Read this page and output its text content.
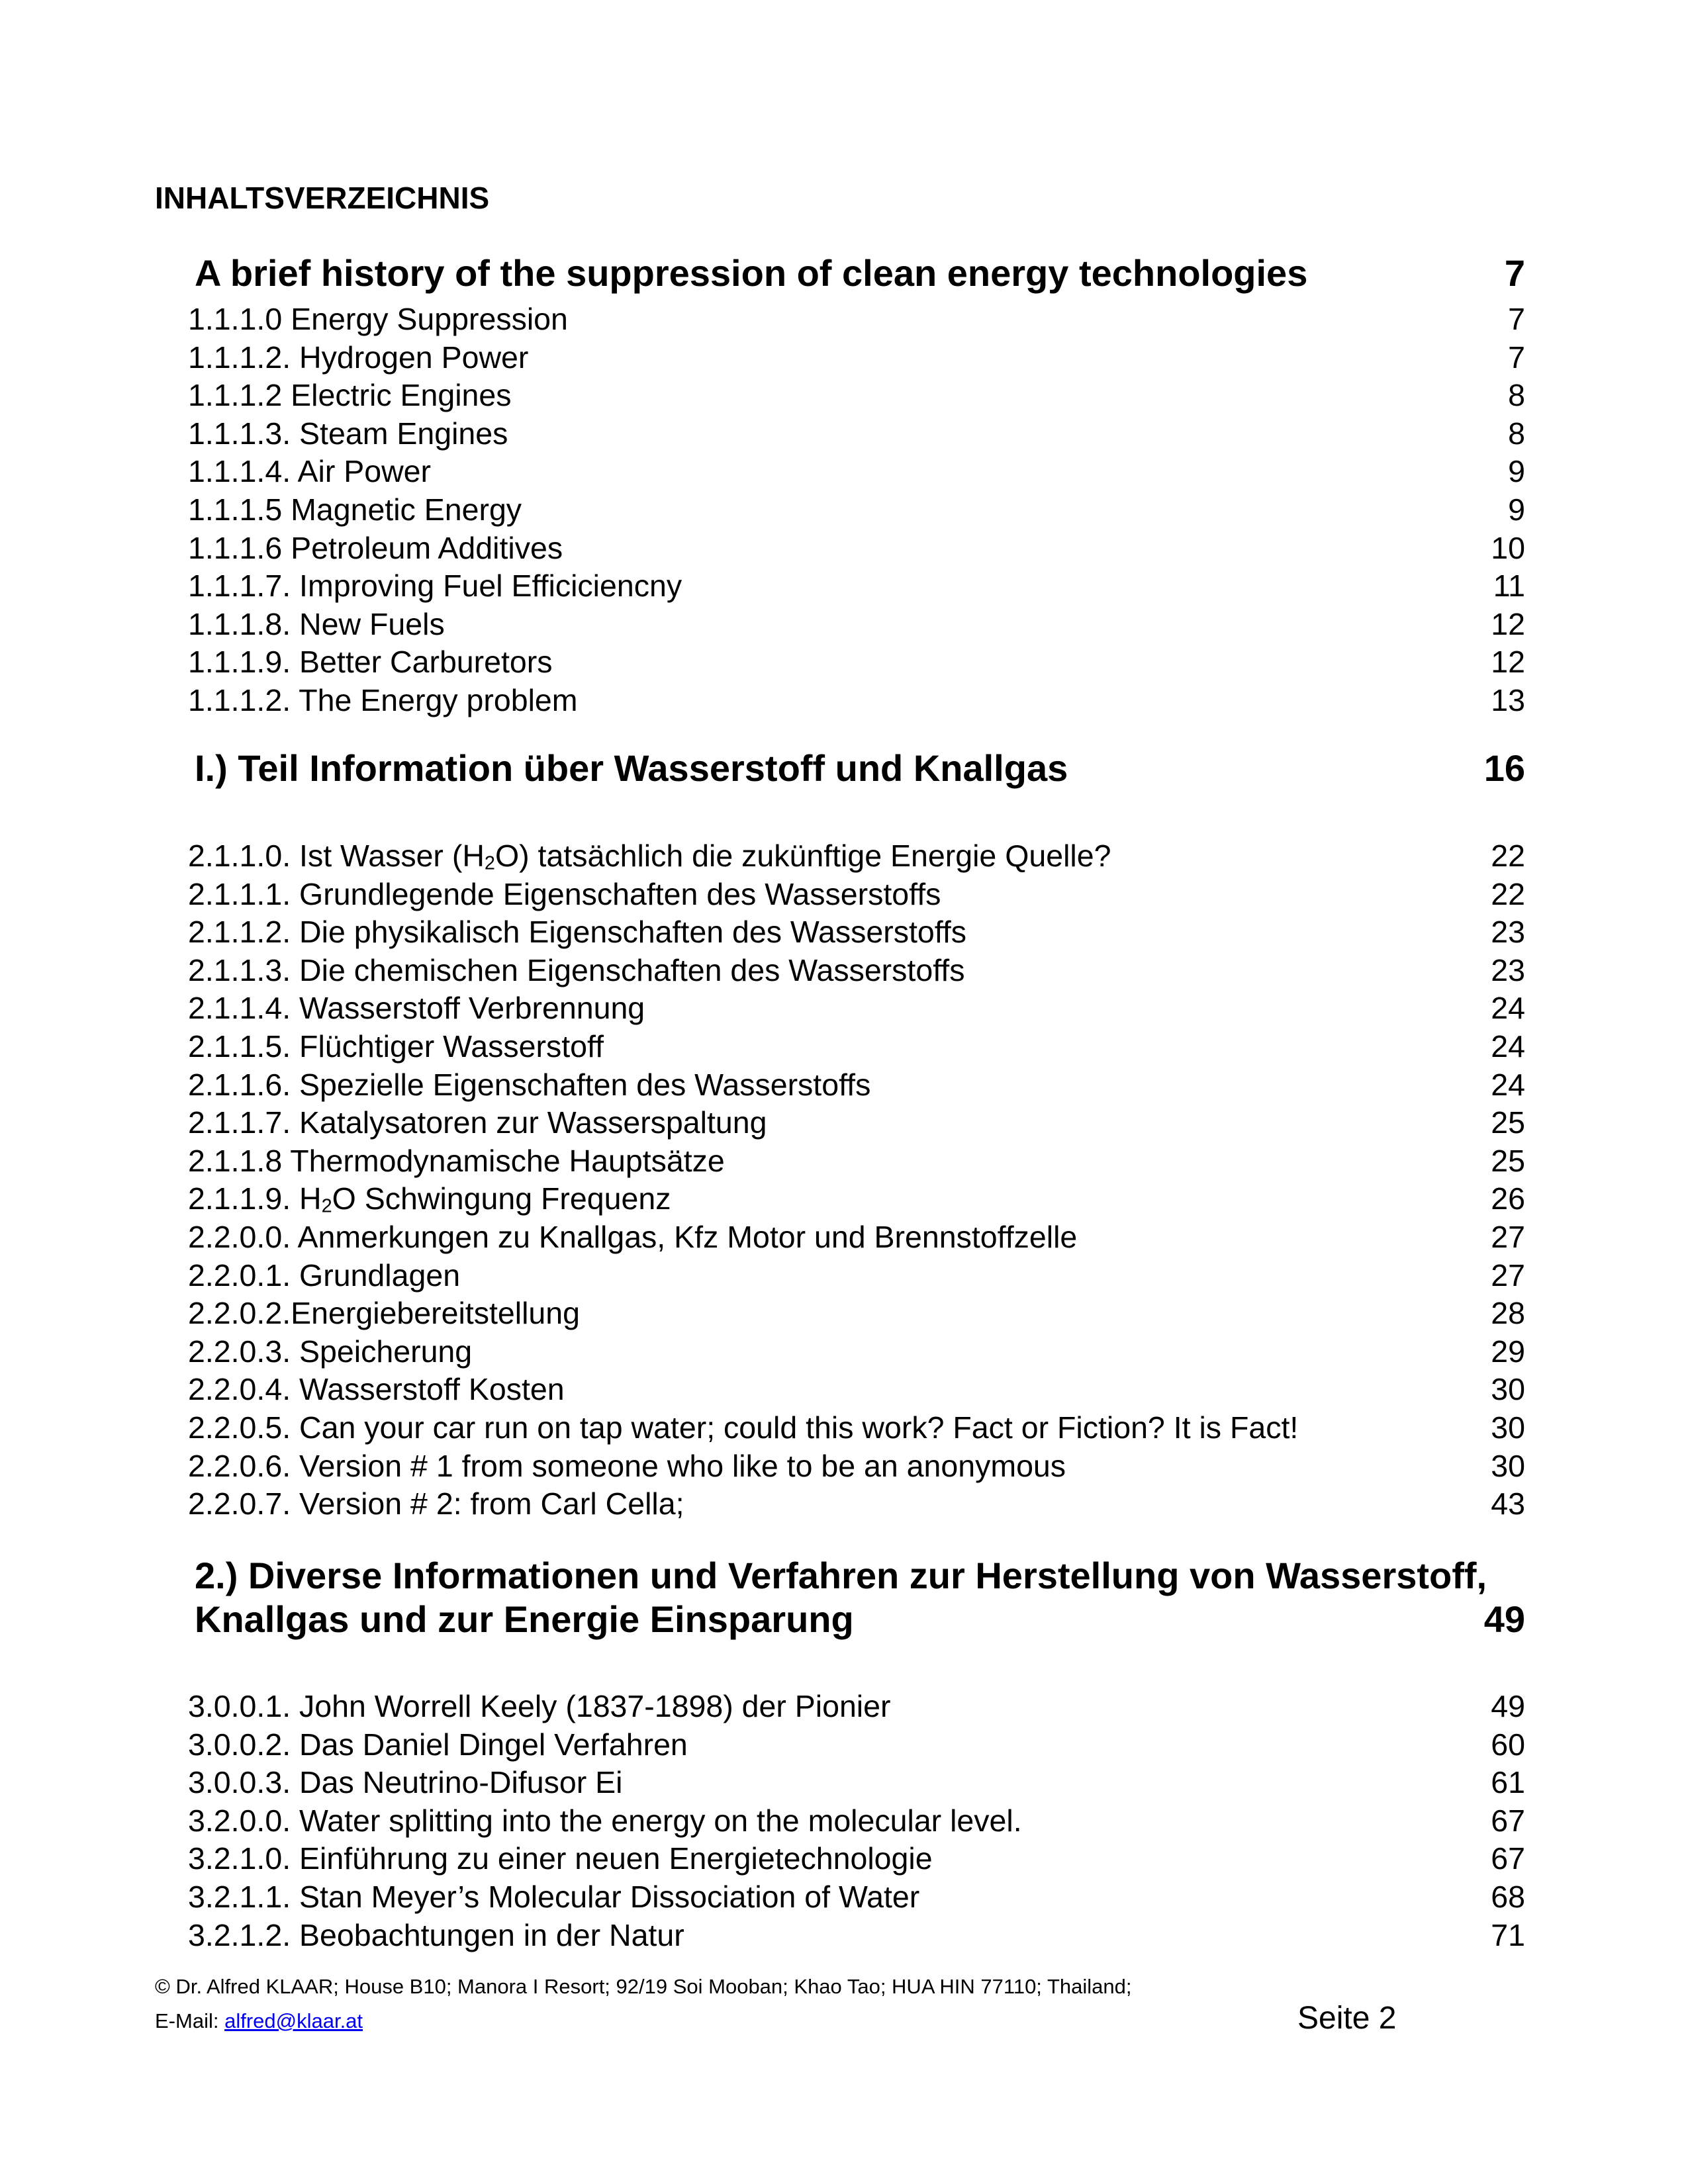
INHALTSVERZEICHNIS
A brief history of the suppression of clean energy technologies	7
1.1.1.0 Energy Suppression	7
1.1.1.2. Hydrogen Power	7
1.1.1.2 Electric Engines	8
1.1.1.3. Steam Engines	8
1.1.1.4. Air Power	9
1.1.1.5 Magnetic Energy	9
1.1.1.6 Petroleum Additives	10
1.1.1.7. Improving Fuel Efficiciencny	11
1.1.1.8. New Fuels	12
1.1.1.9. Better Carburetors	12
1.1.1.2. The Energy problem	13
I.) Teil Information über Wasserstoff und Knallgas	16
2.1.1.0. Ist Wasser $(H_2O)$ tatsächlich die zukünftige Energie Quelle?	22
2.1.1.1. Grundlegende Eigenschaften des Wasserstoffs	22
2.1.1.2. Die physikalisch Eigenschaften des Wasserstoffs	23
2.1.1.3. Die chemischen Eigenschaften des Wasserstoffs	23
2.1.1.4. Wasserstoff Verbrennung	24
2.1.1.5. Flüchtiger Wasserstoff	24
2.1.1.6. Spezielle Eigenschaften des Wasserstoffs	24
2.1.1.7. Katalysatoren zur Wasserspaltung	25
2.1.1.8 Thermodynamische Hauptsätze	25
2.1.1.9. $H_2O$ Schwingung Frequenz	26
2.2.0.0. Anmerkungen zu Knallgas, Kfz Motor und Brennstoffzelle	27
2.2.0.1. Grundlagen	27
2.2.0.2.Energiebereitstellung	28
2.2.0.3. Speicherung	29
2.2.0.4. Wasserstoff Kosten	30
2.2.0.5. Can your car run on tap water; could this work? Fact or Fiction? It is Fact!	30
2.2.0.6. Version # 1 from someone who like to be an anonymous	30
2.2.0.7. Version # 2: from Carl Cella;	43
2.) Diverse Informationen und Verfahren zur Herstellung von Wasserstoff,
Knallgas und zur Energie Einsparung	49
3.0.0.1. John Worrell Keely (1837-1898) der Pionier	49
3.0.0.2. Das Daniel Dingel Verfahren	60
3.0.0.3. Das Neutrino-Difusor Ei	61
3.2.0.0. Water splitting into the energy on the molecular level.	67
3.2.1.0. Einführung zu einer neuen Energietechnologie	67
3.2.1.1. Stan Meyer’s Molecular Dissociation of Water	68
3.2.1.2. Beobachtungen in der Natur	71
© Dr. Alfred KLAAR; House B10; Manora I Resort; 92/19 Soi Mooban; Khao Tao; HUA HIN 77110; Thailand;
E-Mail: alfred@klaar.at	Seite 2
